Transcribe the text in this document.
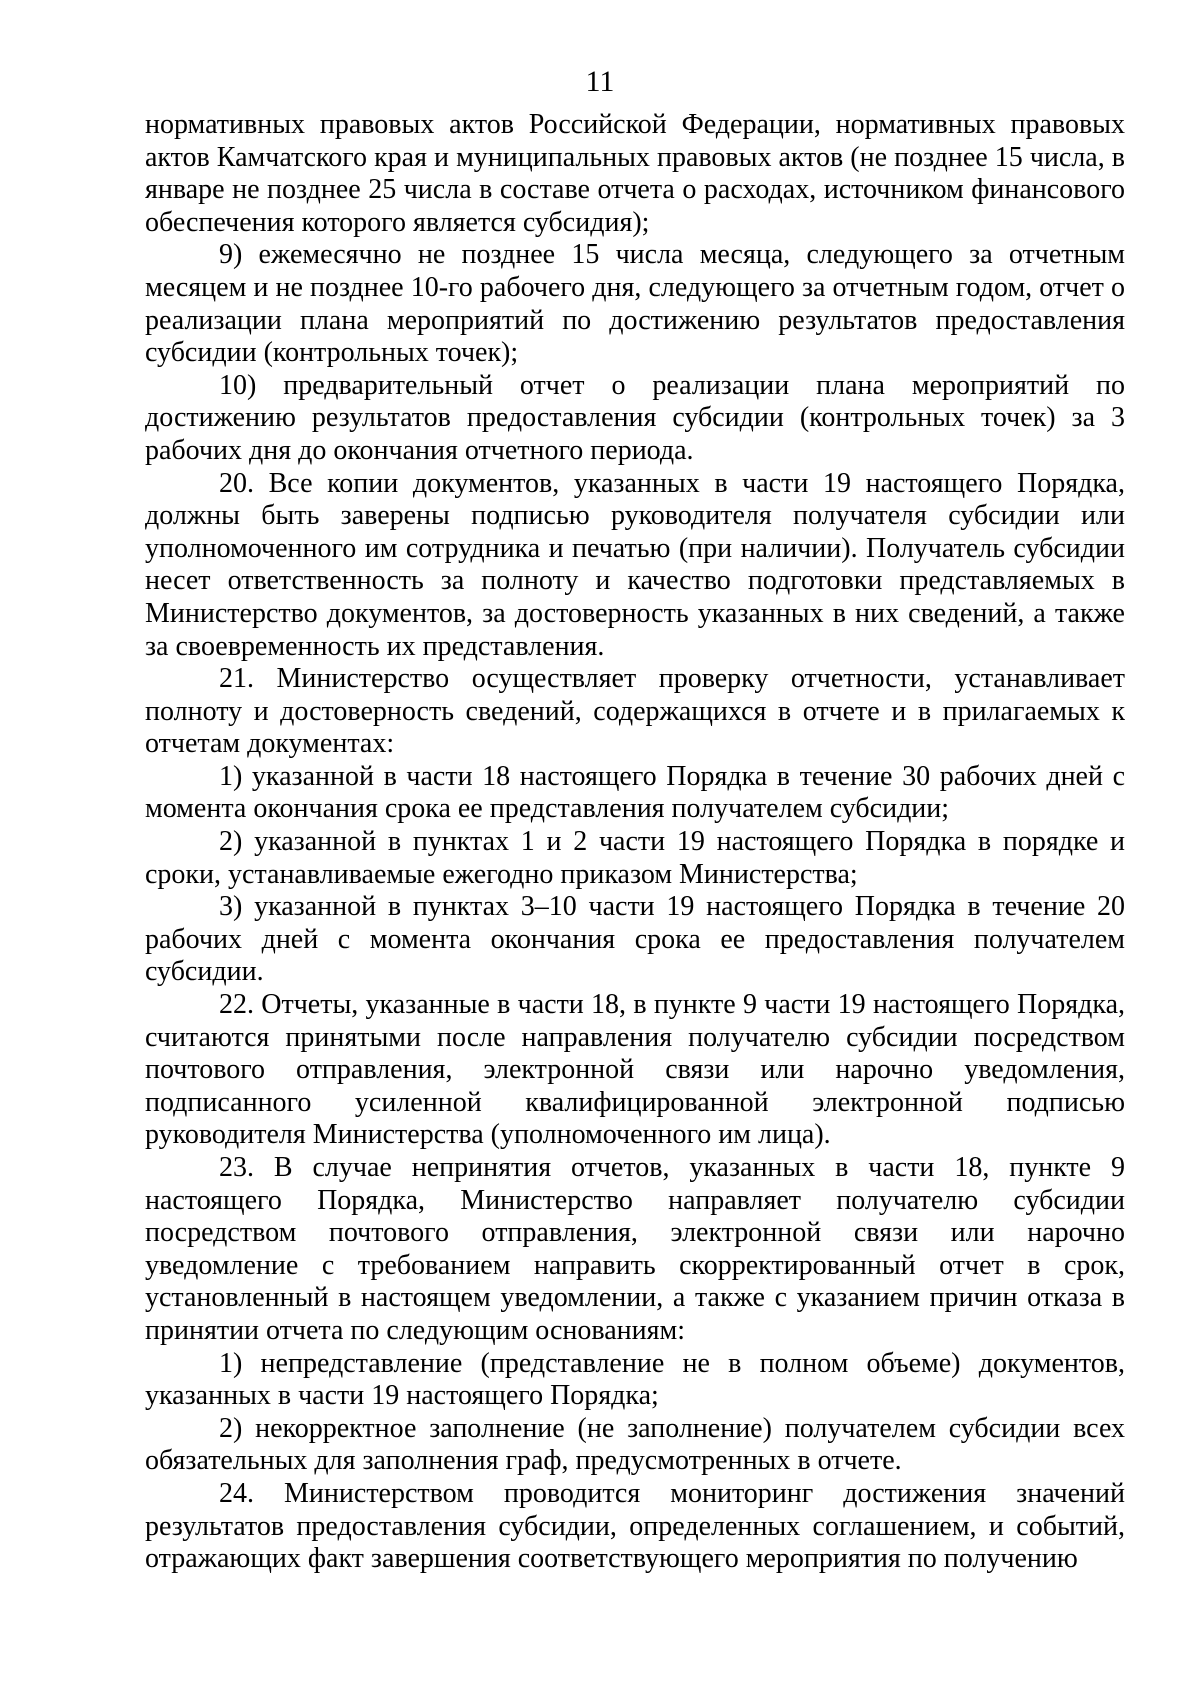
11

нормативных правовых актов Российской Федерации, нормативных правовых актов Камчатского края и муниципальных правовых актов (не позднее 15 числа, в январе не позднее 25 числа в составе отчета о расходах, источником финансового обеспечения которого является субсидия);

9) ежемесячно не позднее 15 числа месяца, следующего за отчетным месяцем и не позднее 10-го рабочего дня, следующего за отчетным годом, отчет о реализации плана мероприятий по достижению результатов предоставления субсидии (контрольных точек);

10) предварительный отчет о реализации плана мероприятий по достижению результатов предоставления субсидии (контрольных точек) за 3 рабочих дня до окончания отчетного периода.

20. Все копии документов, указанных в части 19 настоящего Порядка, должны быть заверены подписью руководителя получателя субсидии или уполномоченного им сотрудника и печатью (при наличии). Получатель субсидии несет ответственность за полноту и качество подготовки представляемых в Министерство документов, за достоверность указанных в них сведений, а также за своевременность их представления.

21. Министерство осуществляет проверку отчетности, устанавливает полноту и достоверность сведений, содержащихся в отчете и в прилагаемых к отчетам документах:

1) указанной в части 18 настоящего Порядка в течение 30 рабочих дней с момента окончания срока ее представления получателем субсидии;

2) указанной в пунктах 1 и 2 части 19 настоящего Порядка в порядке и сроки, устанавливаемые ежегодно приказом Министерства;

3) указанной в пунктах 3–10 части 19 настоящего Порядка в течение 20 рабочих дней с момента окончания срока ее предоставления получателем субсидии.

22. Отчеты, указанные в части 18, в пункте 9 части 19 настоящего Порядка, считаются принятыми после направления получателю субсидии посредством почтового отправления, электронной связи или нарочно уведомления, подписанного усиленной квалифицированной электронной подписью руководителя Министерства (уполномоченного им лица).

23. В случае непринятия отчетов, указанных в части 18, пункте 9 настоящего Порядка, Министерство направляет получателю субсидии посредством почтового отправления, электронной связи или нарочно уведомление с требованием направить скорректированный отчет в срок, установленный в настоящем уведомлении, а также с указанием причин отказа в принятии отчета по следующим основаниям:

1) непредставление (представление не в полном объеме) документов, указанных в части 19 настоящего Порядка;

2) некорректное заполнение (не заполнение) получателем субсидии всех обязательных для заполнения граф, предусмотренных в отчете.

24. Министерством проводится мониторинг достижения значений результатов предоставления субсидии, определенных соглашением, и событий, отражающих факт завершения соответствующего мероприятия по получению
